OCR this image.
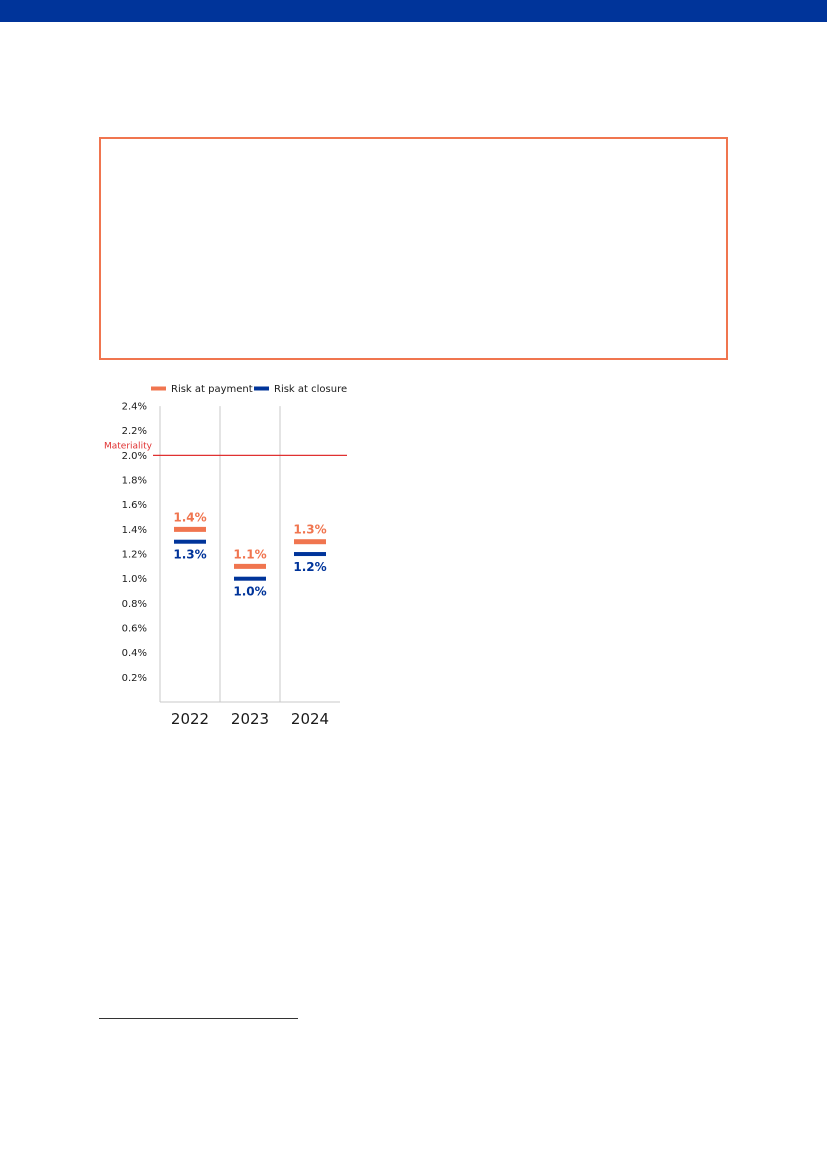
Risk at payment Risk at closure
0.2%
0.4%
0.6%
0.8%
1.0%
1.2%
1.4%
1.6%
1.8%
2.0%
2.2%
2.4%
Materiality
1.4%
1.3%
2022
1.1%
1.0%
2023
1.3%
1.2%
2024
